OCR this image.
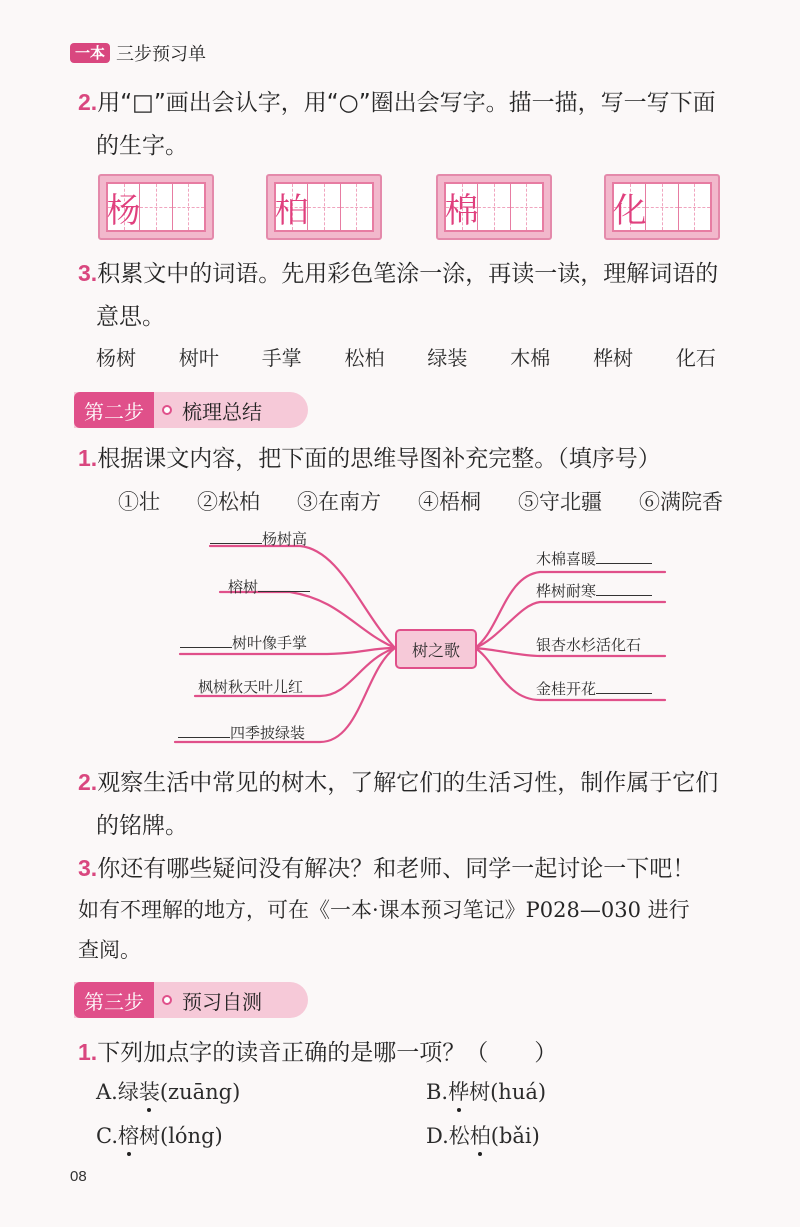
一本 三步预习单
2.用“□”画出会认字，用“○”圈出会写字。描一描，写一写下面
的生字。
杨	柏	棉	化
3.积累文中的词语。先用彩色笔涂一涂，再读一读，理解词语的
意思。
杨树 树叶 手掌 松柏 绿装 木棉 桦树 化石
第二步	梳理总结
1.根据课文内容，把下面的思维导图补充完整。（填序号）
①壮 ②松柏 ③在南方 ④梧桐 ⑤守北疆 ⑥满院香
树之歌
杨树高
榕树
树叶像手掌
枫树秋天叶儿红
四季披绿装
木棉喜暖
桦树耐寒
银杏水杉活化石
金桂开花
2.观察生活中常见的树木，了解它们的生活习性，制作属于它们
的铭牌。
3.你还有哪些疑问没有解决？和老师、同学一起讨论一下吧！
如有不理解的地方，可在《一本·课本预习笔记》P028—030 进行
查阅。
第三步	预习自测
1.下列加点字的读音正确的是哪一项？（　　）
A.绿装(zuāng)	B.桦树(huá)
C.榕树(lóng)	D.松柏(bǎi)
08
